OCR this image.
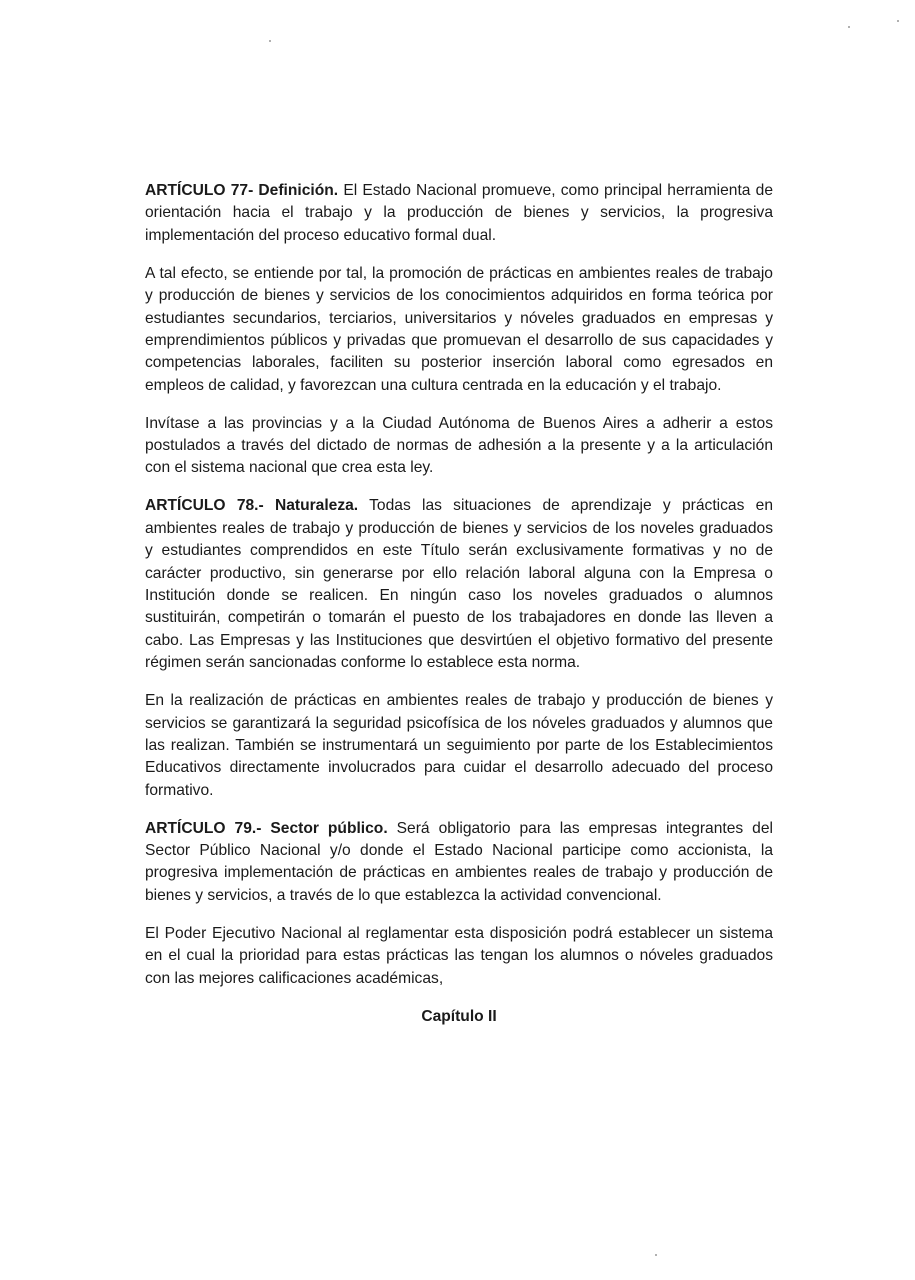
ARTÍCULO 77- Definición. El Estado Nacional promueve, como principal herramienta de orientación hacia el trabajo y la producción de bienes y servicios, la progresiva implementación del proceso educativo formal dual.

A tal efecto, se entiende por tal, la promoción de prácticas en ambientes reales de trabajo y producción de bienes y servicios de los conocimientos adquiridos en forma teórica por estudiantes secundarios, terciarios, universitarios y nóveles graduados en empresas y emprendimientos públicos y privadas que promuevan el desarrollo de sus capacidades y competencias laborales, faciliten su posterior inserción laboral como egresados en empleos de calidad, y favorezcan una cultura centrada en la educación y el trabajo.

Invítase a las provincias y a la Ciudad Autónoma de Buenos Aires a adherir a estos postulados a través del dictado de normas de adhesión a la presente y a la articulación con el sistema nacional que crea esta ley.

ARTÍCULO 78.- Naturaleza. Todas las situaciones de aprendizaje y prácticas en ambientes reales de trabajo y producción de bienes y servicios de los noveles graduados y estudiantes comprendidos en este Título serán exclusivamente formativas y no de carácter productivo, sin generarse por ello relación laboral alguna con la Empresa o Institución donde se realicen. En ningún caso los noveles graduados o alumnos sustituirán, competirán o tomarán el puesto de los trabajadores en donde las lleven a cabo. Las Empresas y las Instituciones que desvirtúen el objetivo formativo del presente régimen serán sancionadas conforme lo establece esta norma.

En la realización de prácticas en ambientes reales de trabajo y producción de bienes y servicios se garantizará la seguridad psicofísica de los nóveles graduados y alumnos que las realizan. También se instrumentará un seguimiento por parte de los Establecimientos Educativos directamente involucrados para cuidar el desarrollo adecuado del proceso formativo.

ARTÍCULO 79.- Sector público. Será obligatorio para las empresas integrantes del Sector Público Nacional y/o donde el Estado Nacional participe como accionista, la progresiva implementación de prácticas en ambientes reales de trabajo y producción de bienes y servicios, a través de lo que establezca la actividad convencional.

El Poder Ejecutivo Nacional al reglamentar esta disposición podrá establecer un sistema en el cual la prioridad para estas prácticas las tengan los alumnos o nóveles graduados con las mejores calificaciones académicas,

Capítulo II
